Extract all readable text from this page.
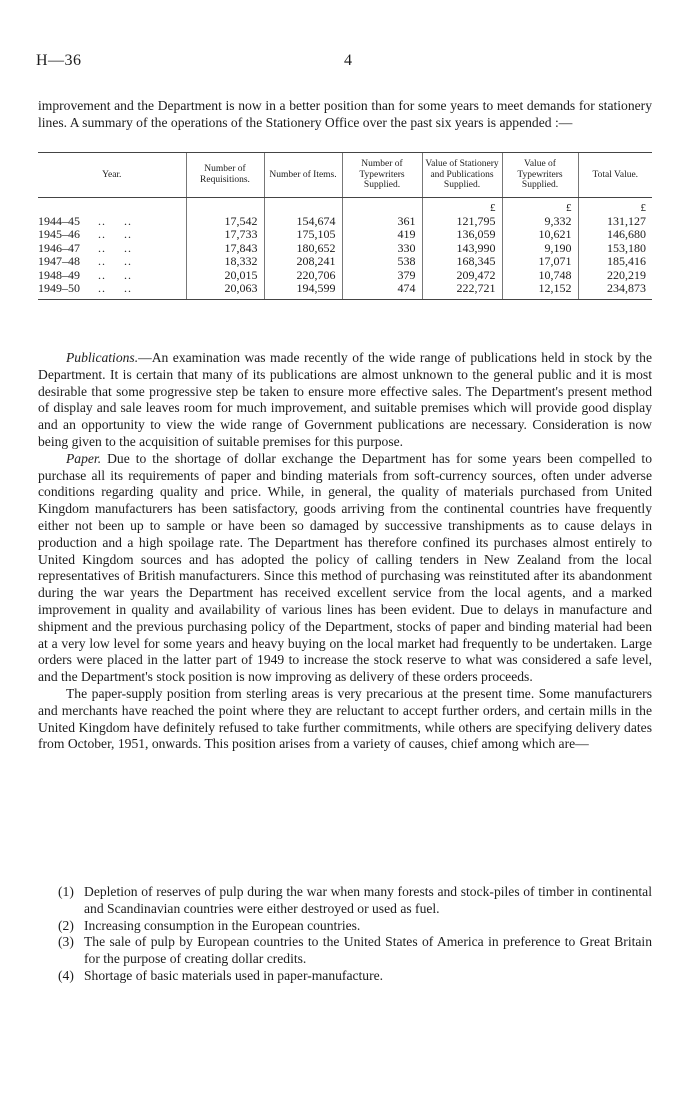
H—36	4

improvement and the Department is now in a better position than for some years to meet demands for stationery lines. A summary of the operations of the Stationery Office over the past six years is appended :—

Year.	Number of Requisitions.	Number of Items.	Number of Typewriters Supplied.	Value of Stationery and Publications Supplied.	Value of Typewriters Supplied.	Total Value.
				£	£	£
1944–45 .. ..	17,542	154,674	361	121,795	9,332	131,127
1945–46 .. ..	17,733	175,105	419	136,059	10,621	146,680
1946–47 .. ..	17,843	180,652	330	143,990	9,190	153,180
1947–48 .. ..	18,332	208,241	538	168,345	17,071	185,416
1948–49 .. ..	20,015	220,706	379	209,472	10,748	220,219
1949–50 .. ..	20,063	194,599	474	222,721	12,152	234,873

Publications.—An examination was made recently of the wide range of publications held in stock by the Department. It is certain that many of its publications are almost unknown to the general public and it is most desirable that some progressive step be taken to ensure more effective sales. The Department's present method of display and sale leaves room for much improvement, and suitable premises which will provide good display and an opportunity to view the wide range of Government publications are necessary. Consideration is now being given to the acquisition of suitable premises for this purpose.

Paper. Due to the shortage of dollar exchange the Department has for some years been compelled to purchase all its requirements of paper and binding materials from soft-currency sources, often under adverse conditions regarding quality and price. While, in general, the quality of materials purchased from United Kingdom manufacturers has been satisfactory, goods arriving from the continental countries have frequently either not been up to sample or have been so damaged by successive transhipments as to cause delays in production and a high spoilage rate. The Department has therefore confined its purchases almost entirely to United Kingdom sources and has adopted the policy of calling tenders in New Zealand from the local representatives of British manufacturers. Since this method of purchasing was reinstituted after its abandonment during the war years the Department has received excellent service from the local agents, and a marked improvement in quality and availability of various lines has been evident. Due to delays in manufacture and shipment and the previous purchasing policy of the Department, stocks of paper and binding material had been at a very low level for some years and heavy buying on the local market had frequently to be undertaken. Large orders were placed in the latter part of 1949 to increase the stock reserve to what was considered a safe level, and the Department's stock position is now improving as delivery of these orders proceeds.

The paper-supply position from sterling areas is very precarious at the present time. Some manufacturers and merchants have reached the point where they are reluctant to accept further orders, and certain mills in the United Kingdom have definitely refused to take further commitments, while others are specifying delivery dates from October, 1951, onwards. This position arises from a variety of causes, chief among which are—

(1) Depletion of reserves of pulp during the war when many forests and stock-piles of timber in continental and Scandinavian countries were either destroyed or used as fuel.
(2) Increasing consumption in the European countries.
(3) The sale of pulp by European countries to the United States of America in preference to Great Britain for the purpose of creating dollar credits.
(4) Shortage of basic materials used in paper-manufacture.
